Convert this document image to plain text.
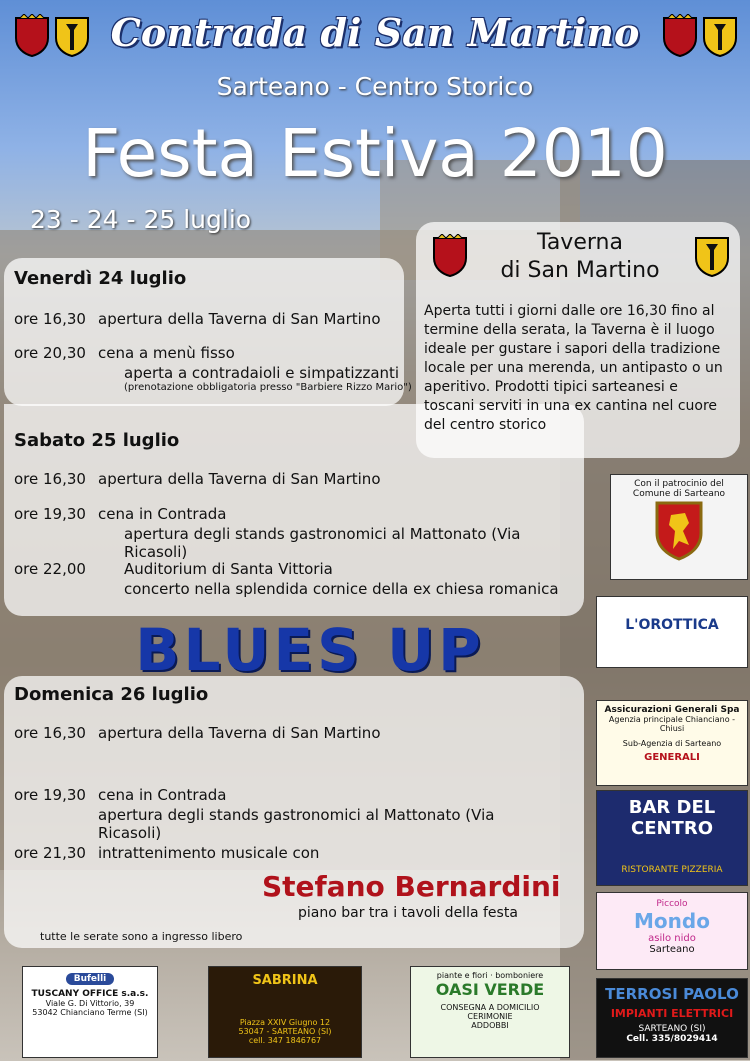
Contrada di San Martino
Sarteano - Centro Storico
Festa Estiva 2010
23 - 24 - 25 luglio
Venerdì 24 luglio
ore 16,30 apertura della Taverna di San Martino
ore 20,30 cena a menù fisso
aperta a contradaioli e simpatizzanti
(prenotazione obbligatoria presso "Barbiere Rizzo Mario")
Sabato 25 luglio
ore 16,30 apertura della Taverna di San Martino
ore 19,30 cena in Contrada
apertura degli stands gastronomici al Mattonato (Via Ricasoli)
ore 22,00	Auditorium di Santa Vittoria
concerto nella splendida cornice della ex chiesa romanica
BLUES UP
Domenica 26 luglio
ore 16,30 apertura della Taverna di San Martino
ore 19,30 cena in Contrada
apertura degli stands gastronomici al Mattonato (Via Ricasoli)
ore 21,30 intrattenimento musicale con
Stefano Bernardini
piano bar tra i tavoli della festa
tutte le serate sono a ingresso libero
Taverna
di San Martino
Aperta tutti i giorni dalle ore 16,30 fino al termine della serata, la Taverna è il luogo ideale per gustare i sapori della tradizione locale per una merenda, un antipasto o un aperitivo. Prodotti tipici sarteanesi e toscani serviti in una ex cantina nel cuore del centro storico
Con il patrocinio del
Comune di Sarteano
L'OROTTICA
Assicurazioni Generali Spa
Agenzia principale Chianciano - Chiusi
Sub-Agenzia di Sarteano
GENERALI
BAR DEL CENTRO
RISTORANTE PIZZERIA
Piccolo
Mondo
asilo nido
Sarteano
TERROSI PAOLO
IMPIANTI ELETTRICI
SARTEANO (SI)
Cell. 335/8029414
Bufelli
TUSCANY OFFICE s.a.s.
Viale G. Di Vittorio, 39
53042 Chianciano Terme (SI)
SABRINA
Piazza XXIV Giugno 12
53047 - SARTEANO (SI)
cell. 347 1846767
piante e fiori · bomboniere
OASI VERDE
CONSEGNA A DOMICILIO
CERIMONIE
ADDOBBI
